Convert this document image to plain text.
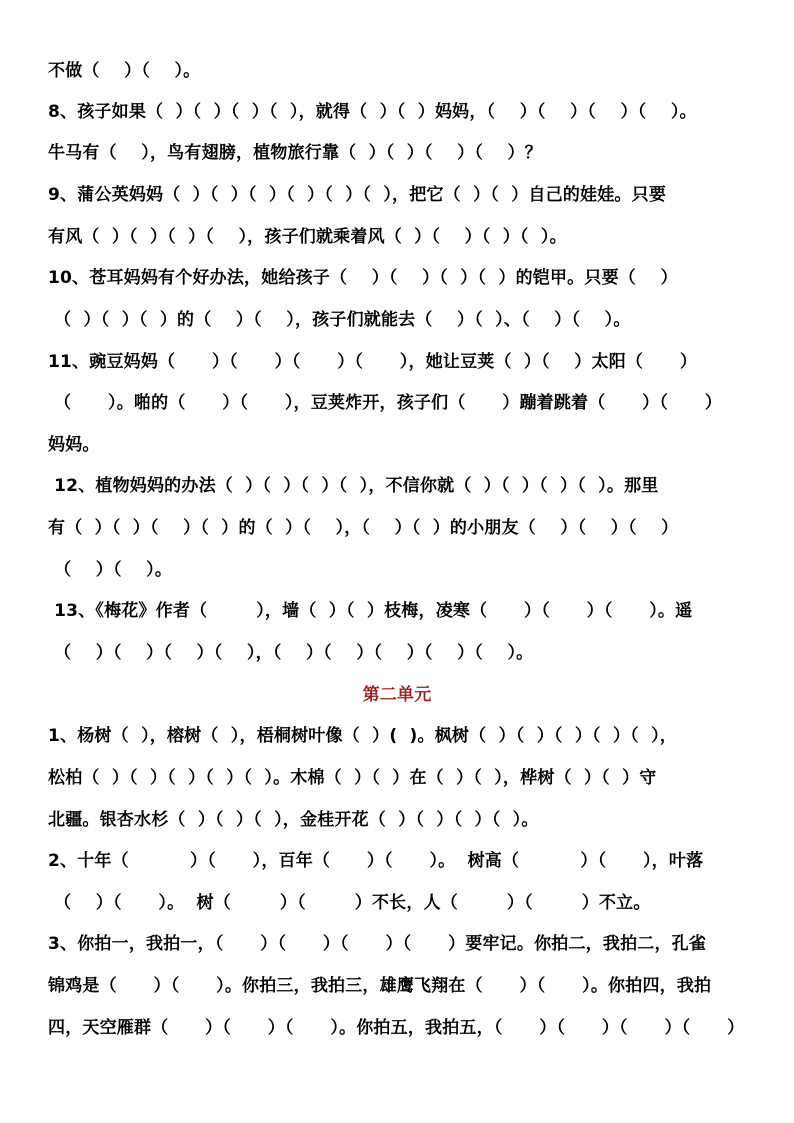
不做（    ）（    ）。
8、孩子如果（  ）（  ）（  ）（  ），就得（  ）（  ）妈妈，（    ）（    ）（    ）（    ）。
牛马有（    ），鸟有翅膀，植物旅行靠（  ）（  ）（    ）（    ）？
9、蒲公英妈妈（  ）（  ）（  ）（  ）（  ）（  ），把它（  ）（  ）自己的娃娃。只要
有风（  ）（  ）（  ）（    ），孩子们就乘着风（  ）（    ）（  ）（  ）。
10、苍耳妈妈有个好办法，她给孩子（    ）（    ）（  ）（  ）的铠甲。只要（    ）
（  ）（  ）（  ）的（    ）（    ），孩子们就能去（    ）（  ）、（    ）（    ）。
11、豌豆妈妈（      ）（      ）（      ）（      ），她让豆荚（  ）（    ）太阳（      ）
（      ）。啪的（      ）（      ），豆荚炸开，孩子们（      ）蹦着跳着（      ）（      ）
妈妈。
12、植物妈妈的办法（  ）（  ）（  ）（  ），不信你就（  ）（  ）（  ）（  ）。那里
有（  ）（  ）（    ）（  ）的（  ）（    ），（    ）（  ）的小朋友（    ）（    ）（    ）
（    ）（    ）。
13、《梅花》作者（        ），墙（  ）（  ）枝梅，凌寒（      ）（      ）（      ）。遥
（    ）（    ）（    ）（    ），（    ）（    ）（    ）（    ）（    ）。
第二单元
1、杨树（  ），榕树（  ），梧桐树叶像（  ）(  )。枫树（  ）（  ）（  ）（  ）（  ），
松柏（  ）（  ）（  ）（  ）（  ）。木棉（  ）（  ）在（  ）（  ），桦树（  ）（  ）守
北疆。银杏水杉（  ）（  ）（  ），金桂开花（  ）（  ）（  ）（  ）。
2、十年（          ）（      ），百年（      ）（      ）。  树高（          ）（      ），叶落
（    ）（      ）。  树（        ）（        ）不长，人（        ）（        ）不立。
3、你拍一，我拍一，（      ）（      ）（      ）（      ）要牢记。你拍二，我拍二，孔雀
锦鸡是（      ）（      ）。你拍三，我拍三，雄鹰飞翔在（      ）（      ）。你拍四，我拍
四，天空雁群（      ）（      ）（      ）。你拍五，我拍五，（      ）（      ）（      ）（      ）
